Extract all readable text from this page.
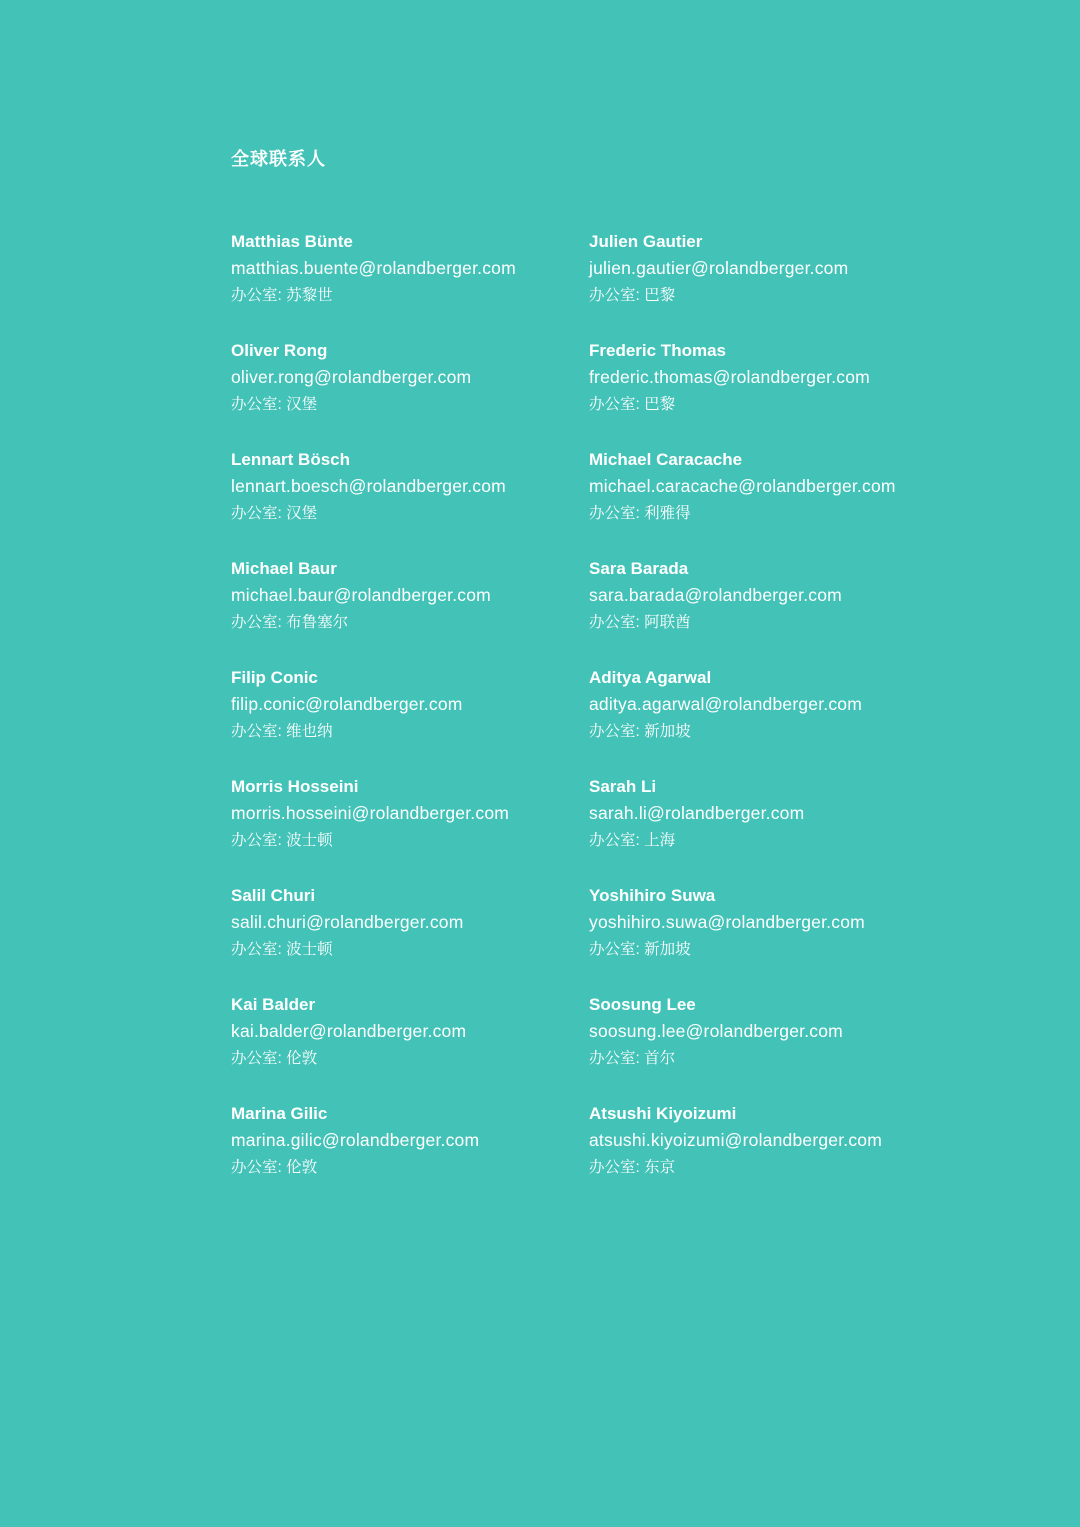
全球联系人
Matthias Bünte
matthias.buente@rolandberger.com
办公室: 苏黎世
Julien Gautier
julien.gautier@rolandberger.com
办公室: 巴黎
Oliver Rong
oliver.rong@rolandberger.com
办公室: 汉堡
Frederic Thomas
frederic.thomas@rolandberger.com
办公室: 巴黎
Lennart Bösch
lennart.boesch@rolandberger.com
办公室: 汉堡
Michael Caracache
michael.caracache@rolandberger.com
办公室: 利雅得
Michael Baur
michael.baur@rolandberger.com
办公室: 布鲁塞尔
Sara Barada
sara.barada@rolandberger.com
办公室: 阿联酋
Filip Conic
filip.conic@rolandberger.com
办公室: 维也纳
Aditya Agarwal
aditya.agarwal@rolandberger.com
办公室: 新加坡
Morris Hosseini
morris.hosseini@rolandberger.com
办公室: 波士顿
Sarah Li
sarah.li@rolandberger.com
办公室: 上海
Salil Churi
salil.churi@rolandberger.com
办公室: 波士顿
Yoshihiro Suwa
yoshihiro.suwa@rolandberger.com
办公室: 新加坡
Kai Balder
kai.balder@rolandberger.com
办公室: 伦敦
Soosung Lee
soosung.lee@rolandberger.com
办公室: 首尔
Marina Gilic
marina.gilic@rolandberger.com
办公室: 伦敦
Atsushi Kiyoizumi
atsushi.kiyoizumi@rolandberger.com
办公室: 东京
